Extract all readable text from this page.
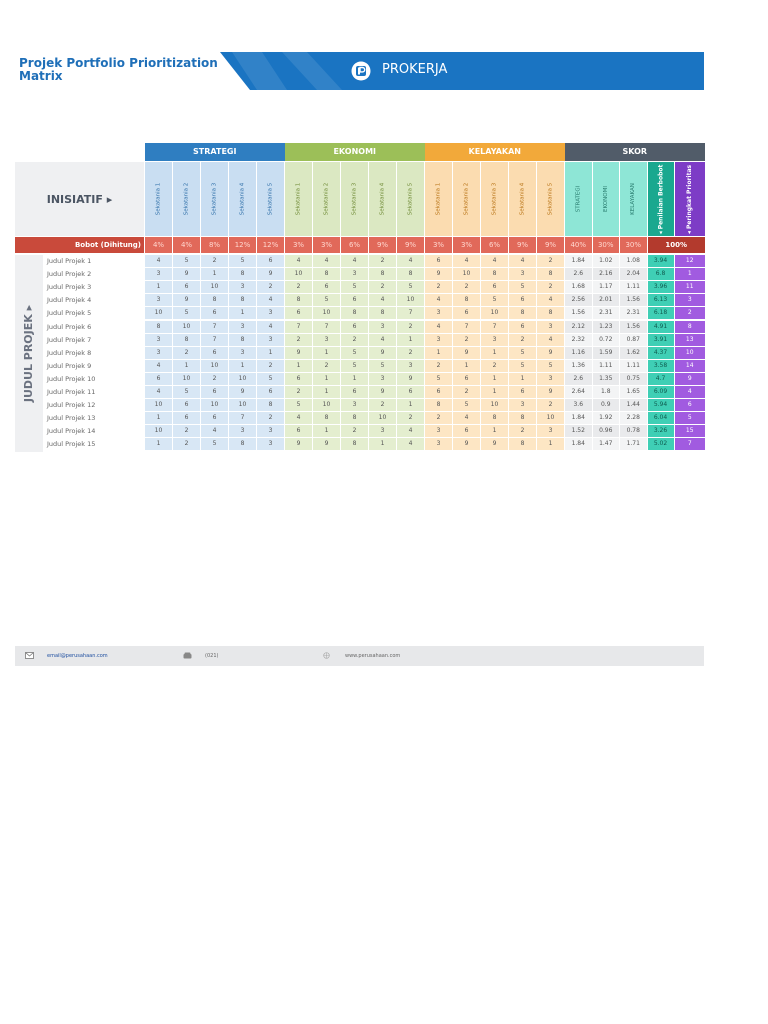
Projek Portfolio Prioritization
Matrix	PROKERJA
STRATEGI	EKONOMI	KELAYAKAN	SKOR
INISIATIF ▸	Sekatania 1	Sekatania 2	Sekatania 3	Sekatania 4	Sekatania 5	Sekatania 1	Sekatania 2	Sekatania 3	Sekatania 4	Sekatania 5	Sekatania 1	Sekatania 2	Sekatania 3	Sekatania 4	Sekatania 5	STRATEGI	EKONOMI	KELAYAKAN	◂ Penilaian Berbobot	◂ Peringkat Prioritas
Bobot (Dihitung)	4%	4%	8%	12%	12%	3%	3%	6%	9%	9%	3%	3%	6%	9%	9%	40%	30%	30%	100%
JUDUL PROJEK ▸
Judul Projek 1	4	5	2	5	6	4	4	4	2	4	6	4	4	4	2	1.84	1.02	1.08	3.94	12
Judul Projek 2	3	9	1	8	9	10	8	3	8	8	9	10	8	3	8	2.6	2.16	2.04	6.8	1
Judul Projek 3	1	6	10	3	2	2	6	5	2	5	2	2	6	5	2	1.68	1.17	1.11	3.96	11
Judul Projek 4	3	9	8	8	4	8	5	6	4	10	4	8	5	6	4	2.56	2.01	1.56	6.13	3
Judul Projek 5	10	5	6	1	3	6	10	8	8	7	3	6	10	8	8	1.56	2.31	2.31	6.18	2
Judul Projek 6	8	10	7	3	4	7	7	6	3	2	4	7	7	6	3	2.12	1.23	1.56	4.91	8
Judul Projek 7	3	8	7	8	3	2	3	2	4	1	3	2	3	2	4	2.32	0.72	0.87	3.91	13
Judul Projek 8	3	2	6	3	1	9	1	5	9	2	1	9	1	5	9	1.16	1.59	1.62	4.37	10
Judul Projek 9	4	1	10	1	2	1	2	5	5	3	2	1	2	5	5	1.36	1.11	1.11	3.58	14
Judul Projek 10	6	10	2	10	5	6	1	1	3	9	5	6	1	1	3	2.6	1.35	0.75	4.7	9
Judul Projek 11	4	5	6	9	6	2	1	6	9	6	6	2	1	6	9	2.64	1.8	1.65	6.09	4
Judul Projek 12	10	6	10	10	8	5	10	3	2	1	8	5	10	3	2	3.6	0.9	1.44	5.94	6
Judul Projek 13	1	6	6	7	2	4	8	8	10	2	2	4	8	8	10	1.84	1.92	2.28	6.04	5
Judul Projek 14	10	2	4	3	3	6	1	2	3	4	3	6	1	2	3	1.52	0.96	0.78	3.26	15
Judul Projek 15	1	2	5	8	3	9	9	8	1	4	3	9	9	8	1	1.84	1.47	1.71	5.02	7
email@perusahaan.com	(021)	www.perusahaan.com
